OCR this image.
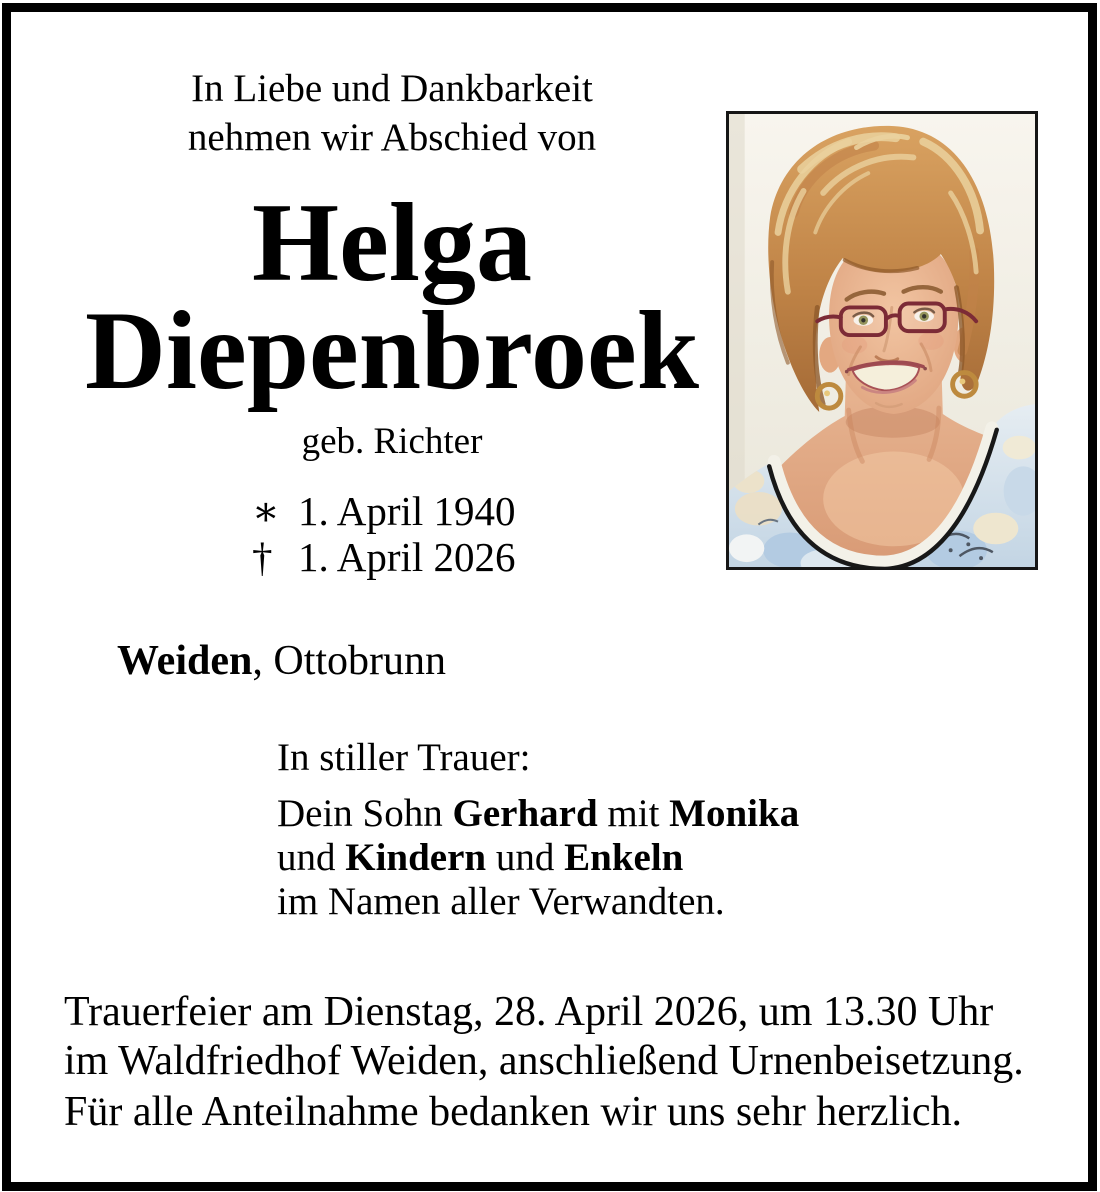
In Liebe und Dankbarkeit
nehmen wir Abschied von
Helga
Diepenbroek
geb. Richter
∗ 1. April 1940
† 1. April 2026
Weiden, Ottobrunn
In stiller Trauer:
Dein Sohn Gerhard mit Monika
und Kindern und Enkeln
im Namen aller Verwandten.
Trauerfeier am Dienstag, 28. April 2026, um 13.30 Uhr
im Waldfriedhof Weiden, anschließend Urnenbeisetzung.
Für alle Anteilnahme bedanken wir uns sehr herzlich.
